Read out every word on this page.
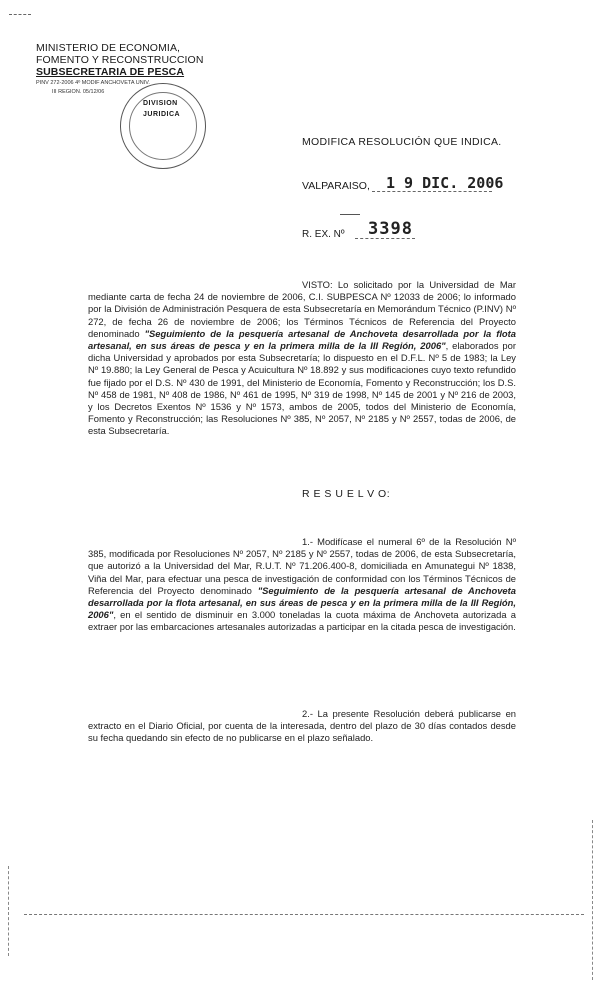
MINISTERIO DE ECONOMIA,
FOMENTO Y RECONSTRUCCION
SUBSECRETARIA DE PESCA
PINV 272-2006 4º MODIF ANCHOVETA UNIV.
III REGION. 05/12/06
DIVISION
JURIDICA
MODIFICA RESOLUCIÓN QUE INDICA.
VALPARAISO, 1 9 DIC. 2006
R. EX. Nº 3398
VISTO: Lo solicitado por la Universidad de Mar mediante carta de fecha 24 de noviembre de 2006, C.I. SUBPESCA Nº 12033 de 2006; lo informado por la División de Administración Pesquera de esta Subsecretaría en Memorándum Técnico (P.INV) Nº 272, de fecha 26 de noviembre de 2006; los Términos Técnicos de Referencia del Proyecto denominado "Seguimiento de la pesquería artesanal de Anchoveta desarrollada por la flota artesanal, en sus áreas de pesca y en la primera milla de la III Región, 2006", elaborados por dicha Universidad y aprobados por esta Subsecretaría; lo dispuesto en el D.F.L. Nº 5 de 1983; la Ley Nº 19.880; la Ley General de Pesca y Acuicultura Nº 18.892 y sus modificaciones cuyo texto refundido fue fijado por el D.S. Nº 430 de 1991, del Ministerio de Economía, Fomento y Reconstrucción; los D.S. Nº 458 de 1981, Nº 408 de 1986, Nº 461 de 1995, Nº 319 de 1998, Nº 145 de 2001 y Nº 216 de 2003, y los Decretos Exentos Nº 1536 y Nº 1573, ambos de 2005, todos del Ministerio de Economía, Fomento y Reconstrucción; las Resoluciones Nº 385, Nº 2057, Nº 2185 y Nº 2557, todas de 2006, de esta Subsecretaría.
R E S U E L V O:
1.- Modifícase el numeral 6º de la Resolución Nº 385, modificada por Resoluciones Nº 2057, Nº 2185 y Nº 2557, todas de 2006, de esta Subsecretaría, que autorizó a la Universidad del Mar, R.U.T. Nº 71.206.400-8, domiciliada en Amunategui Nº 1838, Viña del Mar, para efectuar una pesca de investigación de conformidad con los Términos Técnicos de Referencia del Proyecto denominado "Seguimiento de la pesquería artesanal de Anchoveta desarrollada por la flota artesanal, en sus áreas de pesca y en la primera milla de la III Región, 2006", en el sentido de disminuir en 3.000 toneladas la cuota máxima de Anchoveta autorizada a extraer por las embarcaciones artesanales autorizadas a participar en la citada pesca de investigación.
2.- La presente Resolución deberá publicarse en extracto en el Diario Oficial, por cuenta de la interesada, dentro del plazo de 30 días contados desde su fecha quedando sin efecto de no publicarse en el plazo señalado.
